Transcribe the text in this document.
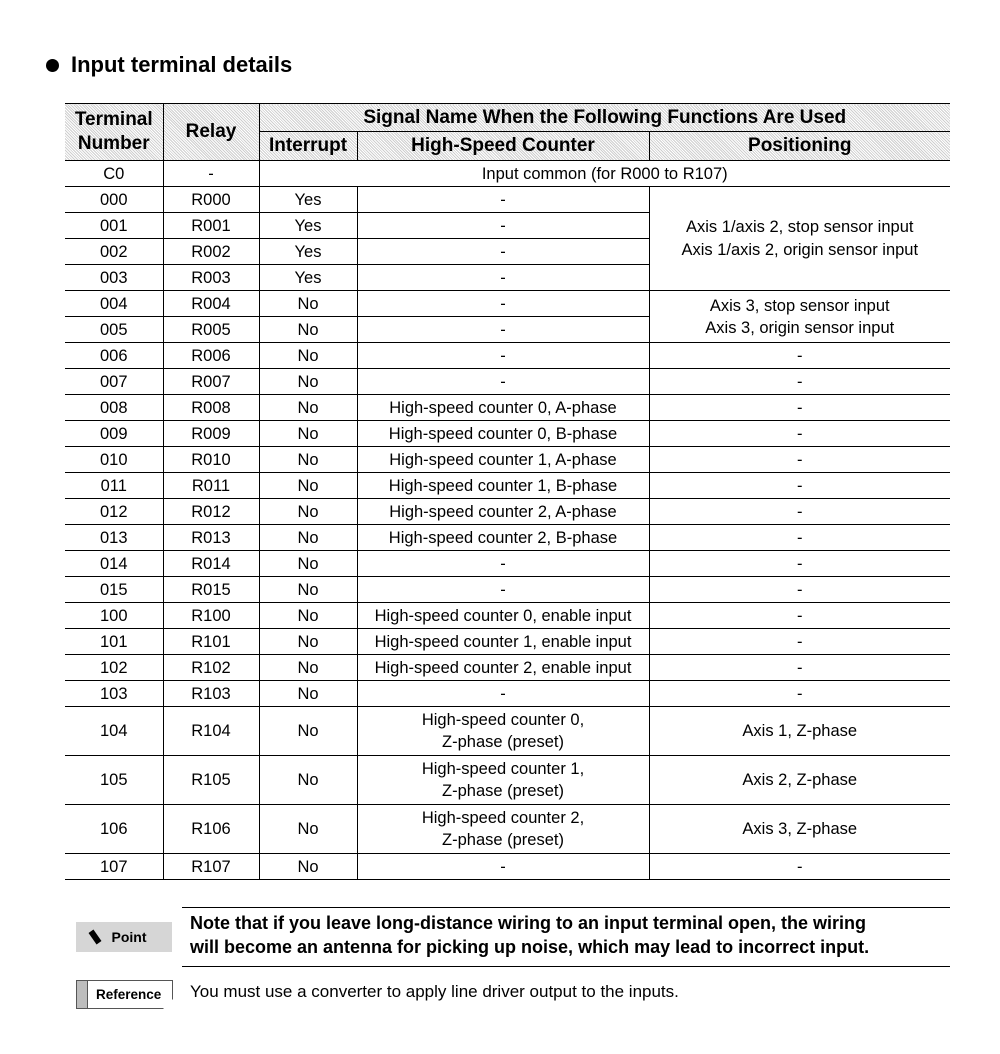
Input terminal details
Terminal Number	Relay	Signal Name When the Following Functions Are Used		
		Interrupt	High-Speed Counter	Positioning
C0	-	Input common (for R000 to R107)		
000	R000	Yes	-	Axis 1/axis 2, stop sensor input
Axis 1/axis 2, origin sensor input

001	R001	Yes	-	
002	R002	Yes	-	
003	R003	Yes	-	
004	R004	No	-	Axis 3, stop sensor input
Axis 3, origin sensor input

005	R005	No	-	
006	R006	No	-	-
007	R007	No	-	-
008	R008	No	High-speed counter 0, A-phase	-
009	R009	No	High-speed counter 0, B-phase	-
010	R010	No	High-speed counter 1, A-phase	-
011	R011	No	High-speed counter 1, B-phase	-
012	R012	No	High-speed counter 2, A-phase	-
013	R013	No	High-speed counter 2, B-phase	-
014	R014	No	-	-
015	R015	No	-	-
100	R100	No	High-speed counter 0, enable input	-
101	R101	No	High-speed counter 1, enable input	-
102	R102	No	High-speed counter 2, enable input	-
103	R103	No	-	-
104	R104	No	High-speed counter 0,
Z-phase (preset)	Axis 1, Z-phase
105	R105	No	High-speed counter 1,
Z-phase (preset)	Axis 2, Z-phase
106	R106	No	High-speed counter 2,
Z-phase (preset)	Axis 3, Z-phase
107	R107	No	-	-
Point
Note that if you leave long-distance wiring to an input terminal open, the wiring
will become an antenna for picking up noise, which may lead to incorrect input.
Reference You must use a converter to apply line driver output to the inputs.
